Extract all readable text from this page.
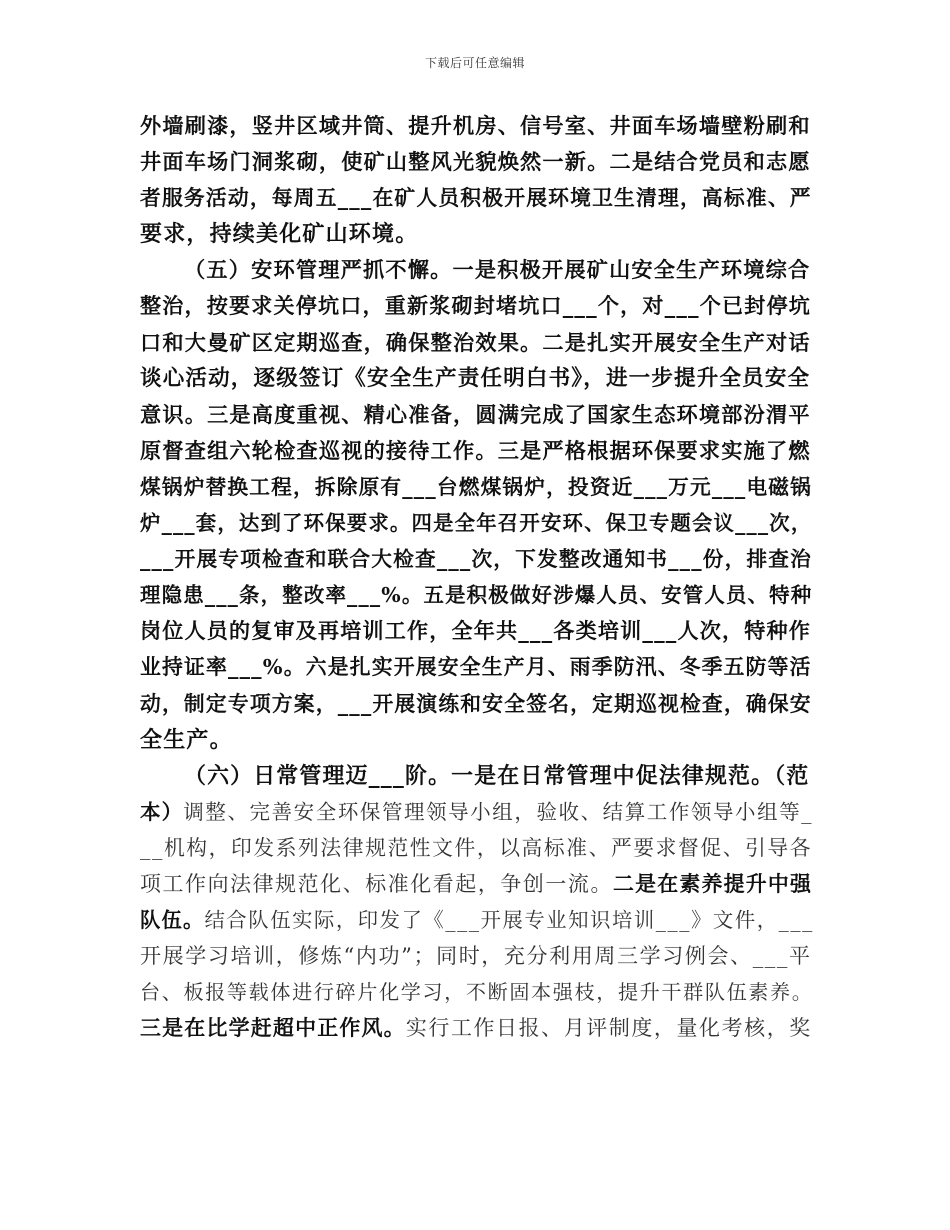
下载后可任意编辑
外墙刷漆，竖井区域井筒、提升机房、信号室、井面车场墙壁粉刷和
井面车场门洞浆砌，使矿山整风光貌焕然一新。二是结合党员和志愿
者服务活动，每周五___在矿人员积极开展环境卫生清理，高标准、严
要求，持续美化矿山环境。
（五）安环管理严抓不懈。一是积极开展矿山安全生产环境综合
整治，按要求关停坑口，重新浆砌封堵坑口___个，对___个已封停坑
口和大曼矿区定期巡查，确保整治效果。二是扎实开展安全生产对话
谈心活动，逐级签订《安全生产责任明白书》，进一步提升全员安全
意识。三是高度重视、精心准备，圆满完成了国家生态环境部汾渭平
原督查组六轮检查巡视的接待工作。三是严格根据环保要求实施了燃
煤锅炉替换工程，拆除原有___台燃煤锅炉，投资近___万元___电磁锅
炉___套，达到了环保要求。四是全年召开安环、保卫专题会议___次，
___开展专项检查和联合大检查___次，下发整改通知书___份，排查治
理隐患___条，整改率___%。五是积极做好涉爆人员、安管人员、特种
岗位人员的复审及再培训工作，全年共___各类培训___人次，特种作
业持证率___%。六是扎实开展安全生产月、雨季防汛、冬季五防等活
动，制定专项方案，___开展演练和安全签名，定期巡视检查，确保安
全生产。
（六）日常管理迈___阶。一是在日常管理中促法律规范。（范
本）调整、完善安全环保管理领导小组，验收、结算工作领导小组等_
__机构，印发系列法律规范性文件，以高标准、严要求督促、引导各
项工作向法律规范化、标准化看起，争创一流。二是在素养提升中强
队伍。结合队伍实际，印发了《___开展专业知识培训___》文件，___
开展学习培训，修炼“内功”；同时，充分利用周三学习例会、___平
台、板报等载体进行碎片化学习，不断固本强枝，提升干群队伍素养。
三是在比学赶超中正作风。实行工作日报、月评制度，量化考核，奖
